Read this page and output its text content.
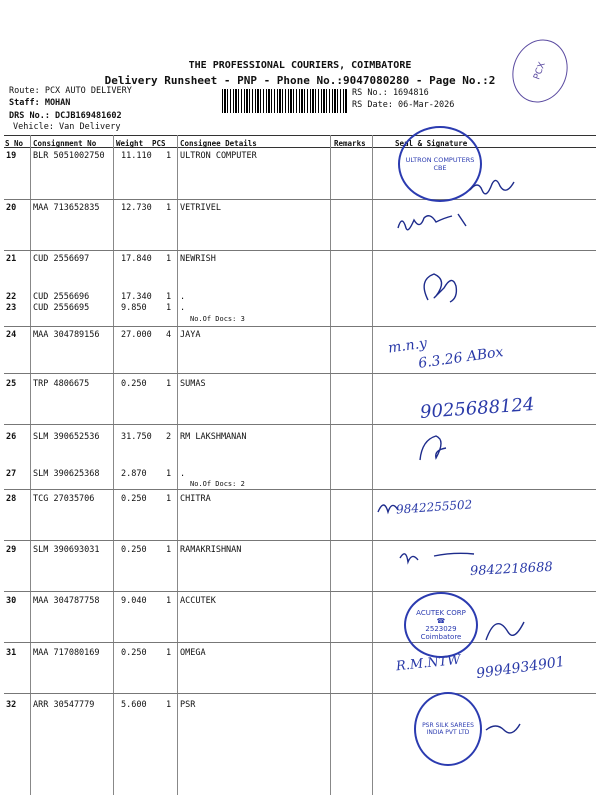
THE PROFESSIONAL COURIERS, COIMBATORE
Delivery Runsheet - PNP - Phone No.:9047080280 - Page No.:2
Route: PCX AUTO DELIVERY
Staff: MOHAN
DRS No.: DCJB169481602
Vehicle: Van Delivery
RS No.: 1694816
RS Date: 06-Mar-2026
S No Consignment No	Weight PCS Consignee Details	Remarks	Seal & Signature
19 BLR 5051002750 11.110 1 ULTRON COMPUTER
20 MAA 713652835	12.730 1 VETRIVEL
21 CUD 2556697	17.840 1 NEWRISH
22 CUD 2556696	17.340 1 .
23 CUD 2556695	9.850 1 .
No.Of Docs: 3
24 MAA 304789156	27.000 4 JAYA
25 TRP 4806675	0.250 1 SUMAS
26 SLM 390652536	31.750 2 RM LAKSHMANAN
27 SLM 390625368	2.870 1 .
No.Of Docs: 2
28 TCG 27035706	0.250 1 CHITRA
29 SLM 390693031	0.250 1 RAMAKRISHNAN
30 MAA 304787758	9.040 1 ACCUTEK
31 MAA 717080169	0.250 1 OMEGA
32 ARR 30547779	5.600 1 PSR
PCX
ULTRON COMPUTERS CBE
ACUTEK CORP
☎
2523029
Coimbatore
PSR SILK SAREES INDIA PVT LTD
m.n.y
6.3.26 ABox
9025688124
9842255502
9842218688
R.M.NTW 9994934901
